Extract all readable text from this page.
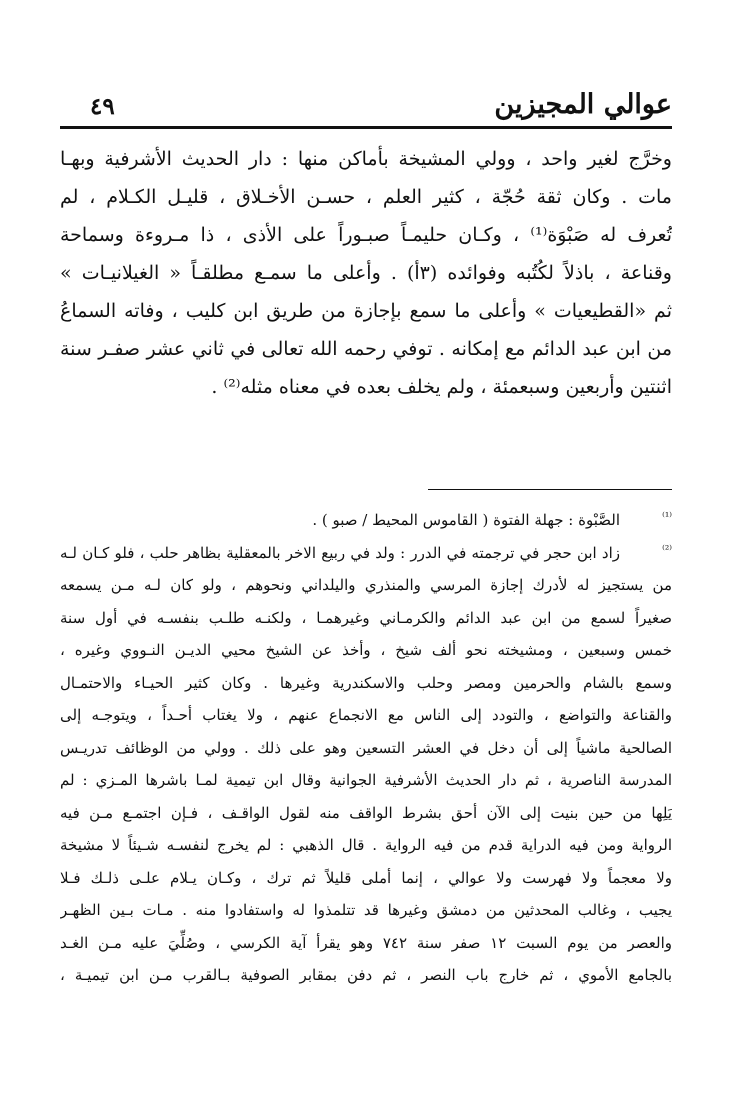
عوالي المجيزين
٤٩
وخرَّج لغير واحد ، وولي المشيخة بأماكن منها : دار الحديث الأشرفية وبهـا
مات . وكان ثقة حُجّة ، كثير العلم ، حسـن الأخـلاق ، قليـل الكـلام ، لم
تُعرف له صَبْوَة⁽¹⁾ ، وكـان حليمـاً صبـوراً على الأذى ، ذا مـروءة وسماحة
وقناعة ، باذلاً لكُتُبه وفوائده (٣أ) . وأعلى ما سمـع مطلقـاً « الغيلانيـات »
ثم «القطيعيات » وأعلى ما سمع بإجازة من طريق ابن كليب ، وفاته السماعُ
من ابن عبد الدائم مع إمكانه . توفي رحمه الله تعالى في ثاني عشر صفـر سنة
اثنتين وأربعين وسبعمئة ، ولم يخلف بعده في معناه مثله⁽²⁾ .
⁽¹⁾
الصَّبْوة : جهلة الفتوة ( القاموس المحيط / صبو ) .
⁽²⁾
زاد ابن حجر في ترجمته في الدرر : ولد في ربيع الاخر بالمعقلية بظاهر حلب ، فلو كـان لـه
من يستجيز له لأدرك إجازة المرسي والمنذري واليلداني ونحوهم ، ولو كان لـه مـن يسمعه
صغيراً لسمع من ابن عبد الدائم والكرمـاني وغيرهمـا ، ولكنـه طلـب بنفسـه في أول سنة
خمس وسبعين ، ومشيخته نحو ألف شيخ ، وأخذ عن الشيخ محيي الديـن النـووي وغيره ،
وسمع بالشام والحرمين ومصر وحلب والاسكندرية وغيرها . وكان كثير الحيـاء والاحتمـال
والقناعة والتواضع ، والتودد إلى الناس مع الانجماع عنهم ، ولا يغتاب أحـداً ، ويتوجـه إلى
الصالحية ماشياً إلى أن دخل في العشر التسعين وهو على ذلك . وولي من الوظائف تدريـس
المدرسة الناصرية ، ثم دار الحديث الأشرفية الجوانية وقال ابن تيمية لمـا باشرها المـزي : لم
يَلِها من حين بنيت إلى الآن أحق بشرط الواقف منه لقول الواقـف ، فـإن اجتمـع مـن فيه
الرواية ومن فيه الدراية قدم من فيه الرواية . قال الذهبي : لم يخرج لنفسـه شـيئاً لا مشيخة
ولا معجماً ولا فهرست ولا عوالي ، إنما أملى قليلاً ثم ترك ، وكـان يـلام علـى ذلـك فـلا
يجيب ، وغالب المحدثين من دمشق وغيرها قد تتلمذوا له واستفادوا منه . مـات بـين الظهـر
والعصر من يوم السبت ١٢ صفر سنة ٧٤٢ وهو يقرأ آية الكرسي ، وصُلِّيَ عليه مـن الغـد
بالجامع الأموي ، ثم خارج باب النصر ، ثم دفن بمقابر الصوفية بـالقرب مـن ابن تيميـة ،
